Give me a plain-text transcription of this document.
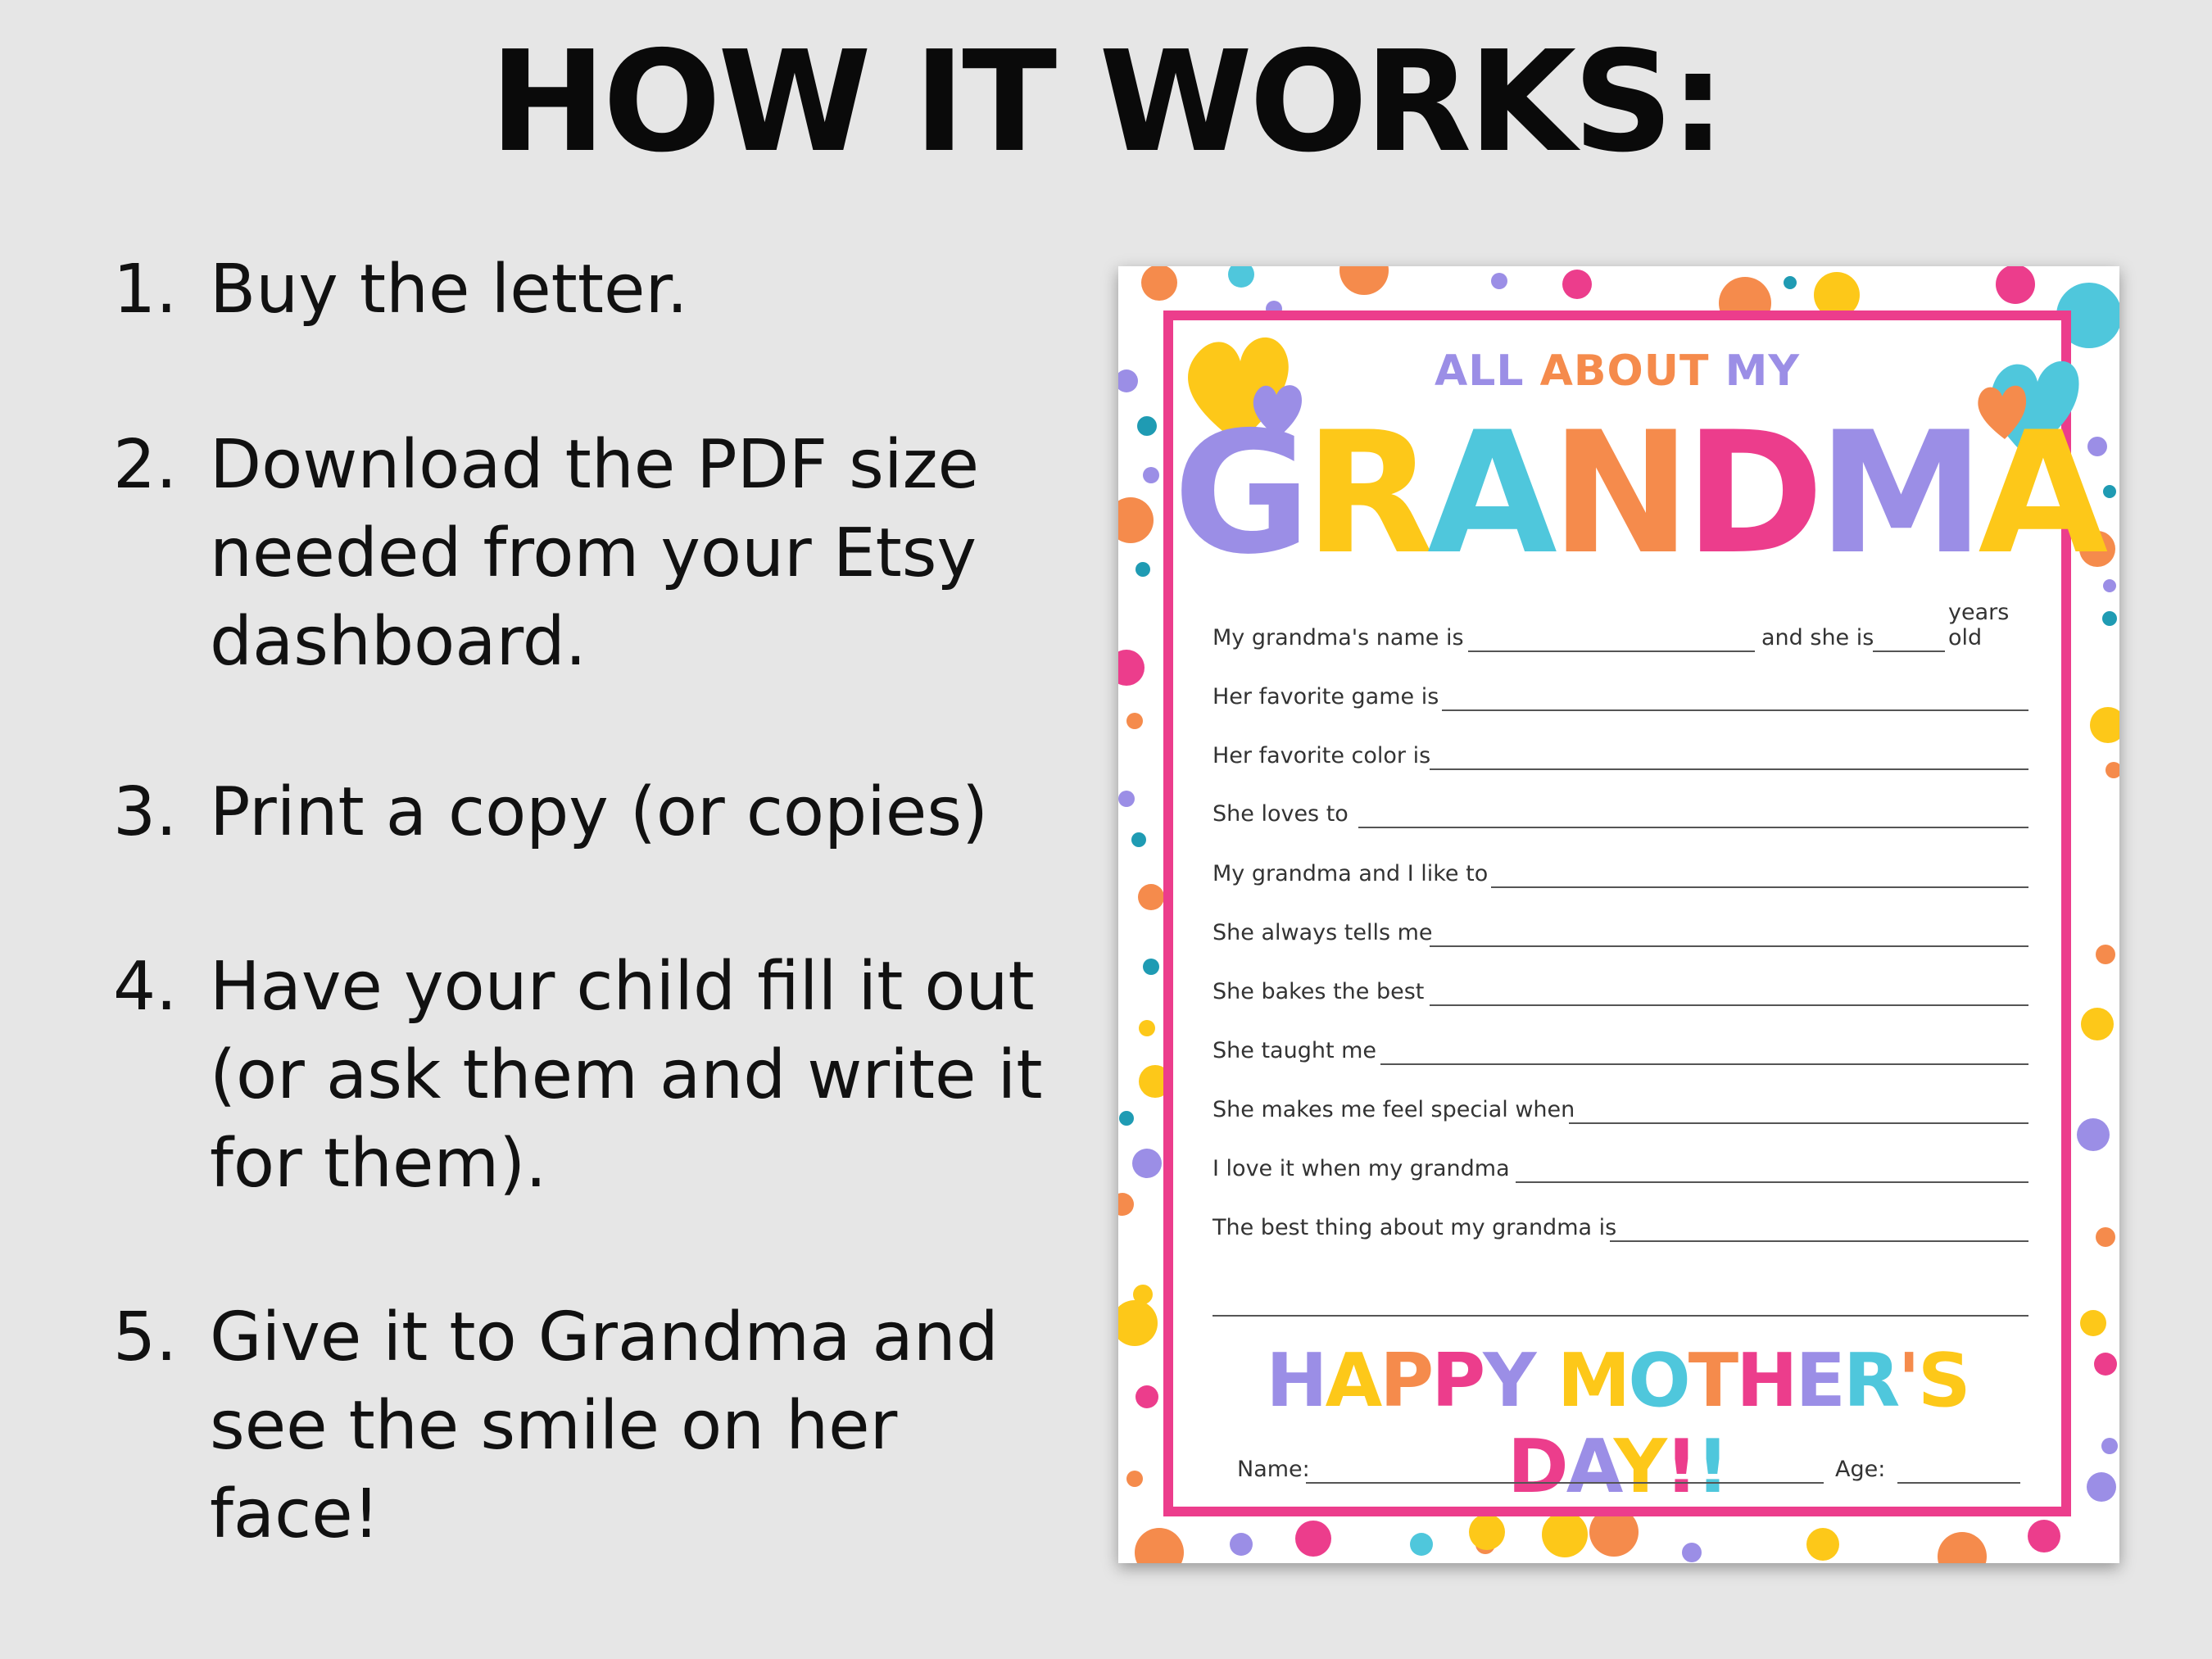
HOW IT WORKS:
1. Buy the letter.
2. Download the PDF size needed from your Etsy dashboard.
3. Print a copy (or copies)
4. Have your child fill it out (or ask them and write it for them).
5. Give it to Grandma and see the smile on her face!
ALL ABOUT MY
GRANDMA
My grandma's name is	and she is
years old
Her favorite game is
Her favorite color is
She loves to
My grandma and I like to
She always tells me
She bakes the best
She taught me
She makes me feel special when
I love it when my grandma
The best thing about my grandma is
HAPPY MOTHER'S DAY!!
Name:	Age:
